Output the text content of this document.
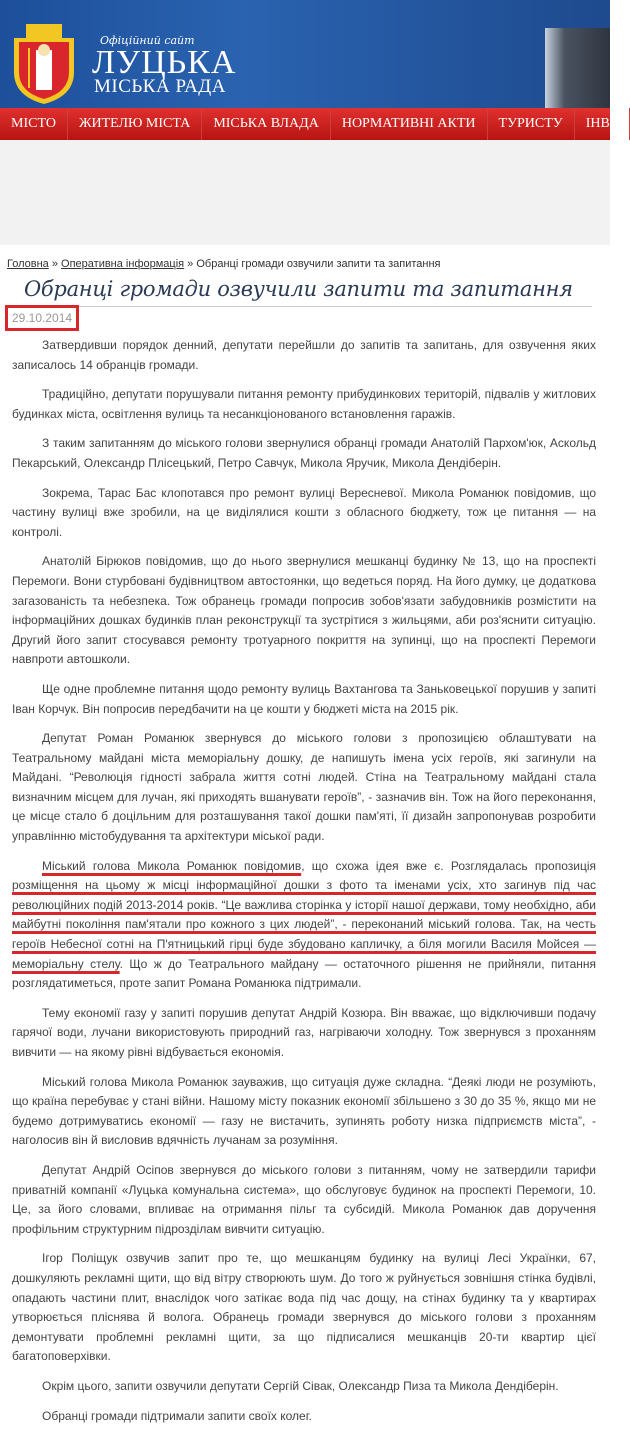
Офіційний сайт
ЛУЦЬКА
МІСЬКА РАДА
МІСТО	ЖИТЕЛЮ МІСТА	МІСЬКА ВЛАДА	НОРМАТИВНІ АКТИ	ТУРИСТУ	ІНВЕ
Головна » Оперативна інформація » Обранці громади озвучили запити та запитання
Обранці громади озвучили запити та запитання
29.10.2014

Затвердивши порядок денний, депутати перейшли до запитів та запитань, для озвучення яких записалось 14 обранців громади.

Традиційно, депутати порушували питання ремонту прибудинкових територій, підвалів у житлових будинках міста, освітлення вулиць та несанкціонованого встановлення гаражів.

З таким запитанням до міського голови звернулися обранці громади Анатолій Пархом'юк, Аскольд Пекарський, Олександр Плісецький, Петро Савчук, Микола Яручик, Микола Дендіберін.

Зокрема, Тарас Бас клопотався про ремонт вулиці Вересневої. Микола Романюк повідомив, що частину вулиці вже зробили, на це виділялися кошти з обласного бюджету, тож це питання — на контролі.

Анатолій Бірюков повідомив, що до нього звернулися мешканці будинку № 13, що на проспекті Перемоги. Вони стурбовані будівництвом автостоянки, що ведеться поряд. На його думку, це додаткова загазованість та небезпека. Тож обранець громади попросив зобов'язати забудовників розмістити на інформаційних дошках будинків план реконструкції та зустрітися з жильцями, аби роз'яснити ситуацію. Другий його запит стосувався ремонту тротуарного покриття на зупинці, що на проспекті Перемоги навпроти автошколи.

Ще одне проблемне питання щодо ремонту вулиць Вахтангова та Заньковецької порушив у запиті Іван Корчук. Він попросив передбачити на це кошти у бюджеті міста на 2015 рік.

Депутат Роман Романюк звернувся до міського голови з пропозицією облаштувати на Театральному майдані міста меморіальну дошку, де напишуть імена усіх героїв, які загинули на Майдані. “Революція гідності забрала життя сотні людей. Стіна на Театральному майдані стала визначним місцем для лучан, які приходять вшанувати героїв”, - зазначив він. Тож на його переконання, це місце стало б доцільним для розташування такої дошки пам'яті, її дизайн запропонував розробити управлінню містобудування та архітектури міської ради.

Міський голова Микола Романюк повідомив, що схожа ідея вже є. Розглядалась пропозиція розміщення на цьому ж місці інформаційної дошки з фото та іменами усіх, хто загинув під час революційних подій 2013-2014 років. “Це важлива сторінка у історії нашої держави, тому необхідно, аби майбутні покоління пам'ятали про кожного з цих людей”, - переконаний міський голова. Так, на честь героїв Небесної сотні на П'ятницький гірці буде збудовано капличку, а біля могили Василя Мойсея — меморіальну стелу. Що ж до Театрального майдану — остаточного рішення не прийняли, питання розглядатиметься, проте запит Романа Романюка підтримали.

Тему економії газу у запиті порушив депутат Андрій Козюра. Він вважає, що відключивши подачу гарячої води, лучани використовують природний газ, нагріваючи холодну. Тож звернувся з проханням вивчити — на якому рівні відбувається економія.

Міський голова Микола Романюк зауважив, що ситуація дуже складна. “Деякі люди не розуміють, що країна перебуває у стані війни. Нашому місту показник економії збільшено з 30 до 35 %, якщо ми не будемо дотримуватись економії — газу не вистачить, зупинять роботу низка підприємств міста”, - наголосив він й висловив вдячність лучанам за розуміння.

Депутат Андрій Осіпов звернувся до міського голови з питанням, чому не затвердили тарифи приватній компанії «Луцька комунальна система», що обслуговує будинок на проспекті Перемоги, 10. Це, за його словами, впливає на отримання пільг та субсидій. Микола Романюк дав доручення профільним структурним підрозділам вивчити ситуацію.

Ігор Поліщук озвучив запит про те, що мешканцям будинку на вулиці Лесі Українки, 67, дошкуляють рекламні щити, що від вітру створюють шум. До того ж руйнується зовнішня стінка будівлі, опадають частини плит, внаслідок чого затікає вода під час дощу, на стінах будинку та у квартирах утворюється пліснява й волога. Обранець громади звернувся до міського голови з проханням демонтувати проблемні рекламні щити, за що підписалися мешканців 20-ти квартир цієї багатоповерхівки.

Окрім цього, запити озвучили депутати Сергій Сівак, Олександр Пиза та Микола Дендіберін.

Обранці громади підтримали запити своїх колег.
